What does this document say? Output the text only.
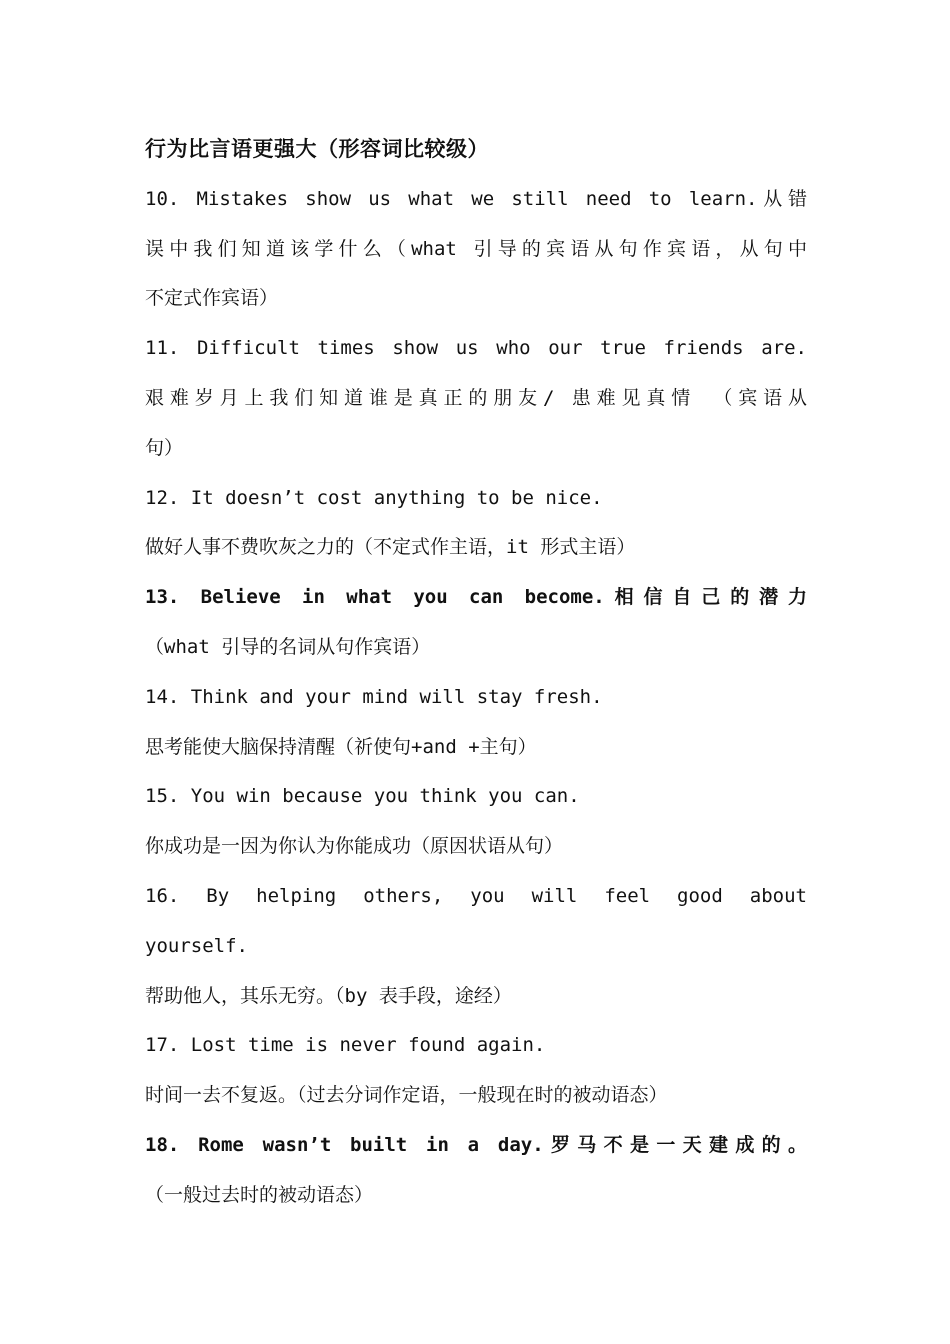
行为比言语更强大（形容词比较级）
10. Mistakes show us what we still need to learn.从错
误中我们知道该学什么（what 引导的宾语从句作宾语，从句中
不定式作宾语）
11. Difficult times show us who our true friends are.
艰难岁月上我们知道谁是真正的朋友/ 患难见真情 （宾语从
句）
12. It doesn’t cost anything to be nice.
做好人事不费吹灰之力的（不定式作主语，it 形式主语）
13. Believe in what you can become.相信自己的潜力
（what 引导的名词从句作宾语）
14. Think and your mind will stay fresh.
思考能使大脑保持清醒（祈使句+and +主句）
15. You win because you think you can.
你成功是一因为你认为你能成功（原因状语从句）
16. By helping others, you will feel good about
yourself.
帮助他人，其乐无穷。（by 表手段，途经）
17. Lost time is never found again.
时间一去不复返。（过去分词作定语，一般现在时的被动语态）
18. Rome wasn’t built in a day.罗马不是一天建成的。
（一般过去时的被动语态）
